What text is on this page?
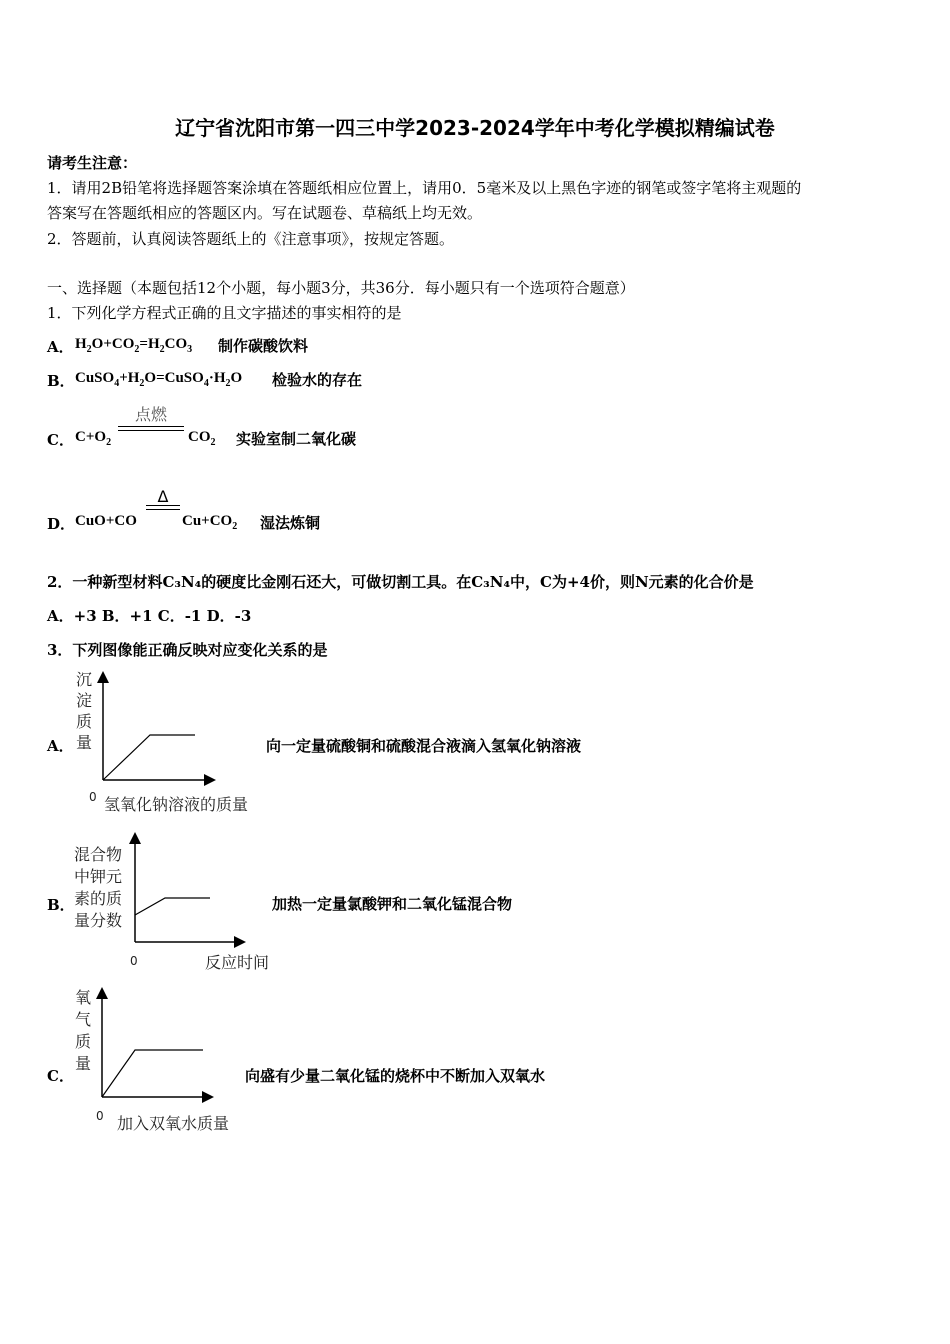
辽宁省沈阳市第一四三中学2023-2024学年中考化学模拟精编试卷
请考生注意：
1．请用2B铅笔将选择题答案涂填在答题纸相应位置上，请用0．5毫米及以上黑色字迹的钢笔或签字笔将主观题的
答案写在答题纸相应的答题区内。写在试题卷、草稿纸上均无效。
2．答题前，认真阅读答题纸上的《注意事项》，按规定答题。
一、选择题（本题包括12个小题，每小题3分，共36分．每小题只有一个选项符合题意）
1．下列化学方程式正确的且文字描述的事实相符的是
A． $H_2O+CO_2=H_2CO_3$ 制作碳酸饮料
B． $CuSO_4+H_2O=CuSO_4\cdot H_2O$ 检验水的存在
C． $C+O_2$
点燃
$CO_2$ 实验室制二氧化碳
D． CuO+CO
Δ
$Cu+CO_2$ 湿法炼铜
2．一种新型材料C₃N₄的硬度比金刚石还大，可做切割工具。在C₃N₄中，C为+4价，则N元素的化合价是
A．+3 B．+1 C．-1 D．-3
3．下列图像能正确反映对应变化关系的是
A．
沉
淀
质
量
0 氢氧化钠溶液的质量
向一定量硫酸铜和硫酸混合液滴入氢氧化钠溶液
B．
混合物
中钾元
素的质
量分数
0	反应时间
加热一定量氯酸钾和二氧化锰混合物
C．
氧
气
质
量
0 加入双氧水质量
向盛有少量二氧化锰的烧杯中不断加入双氧水
